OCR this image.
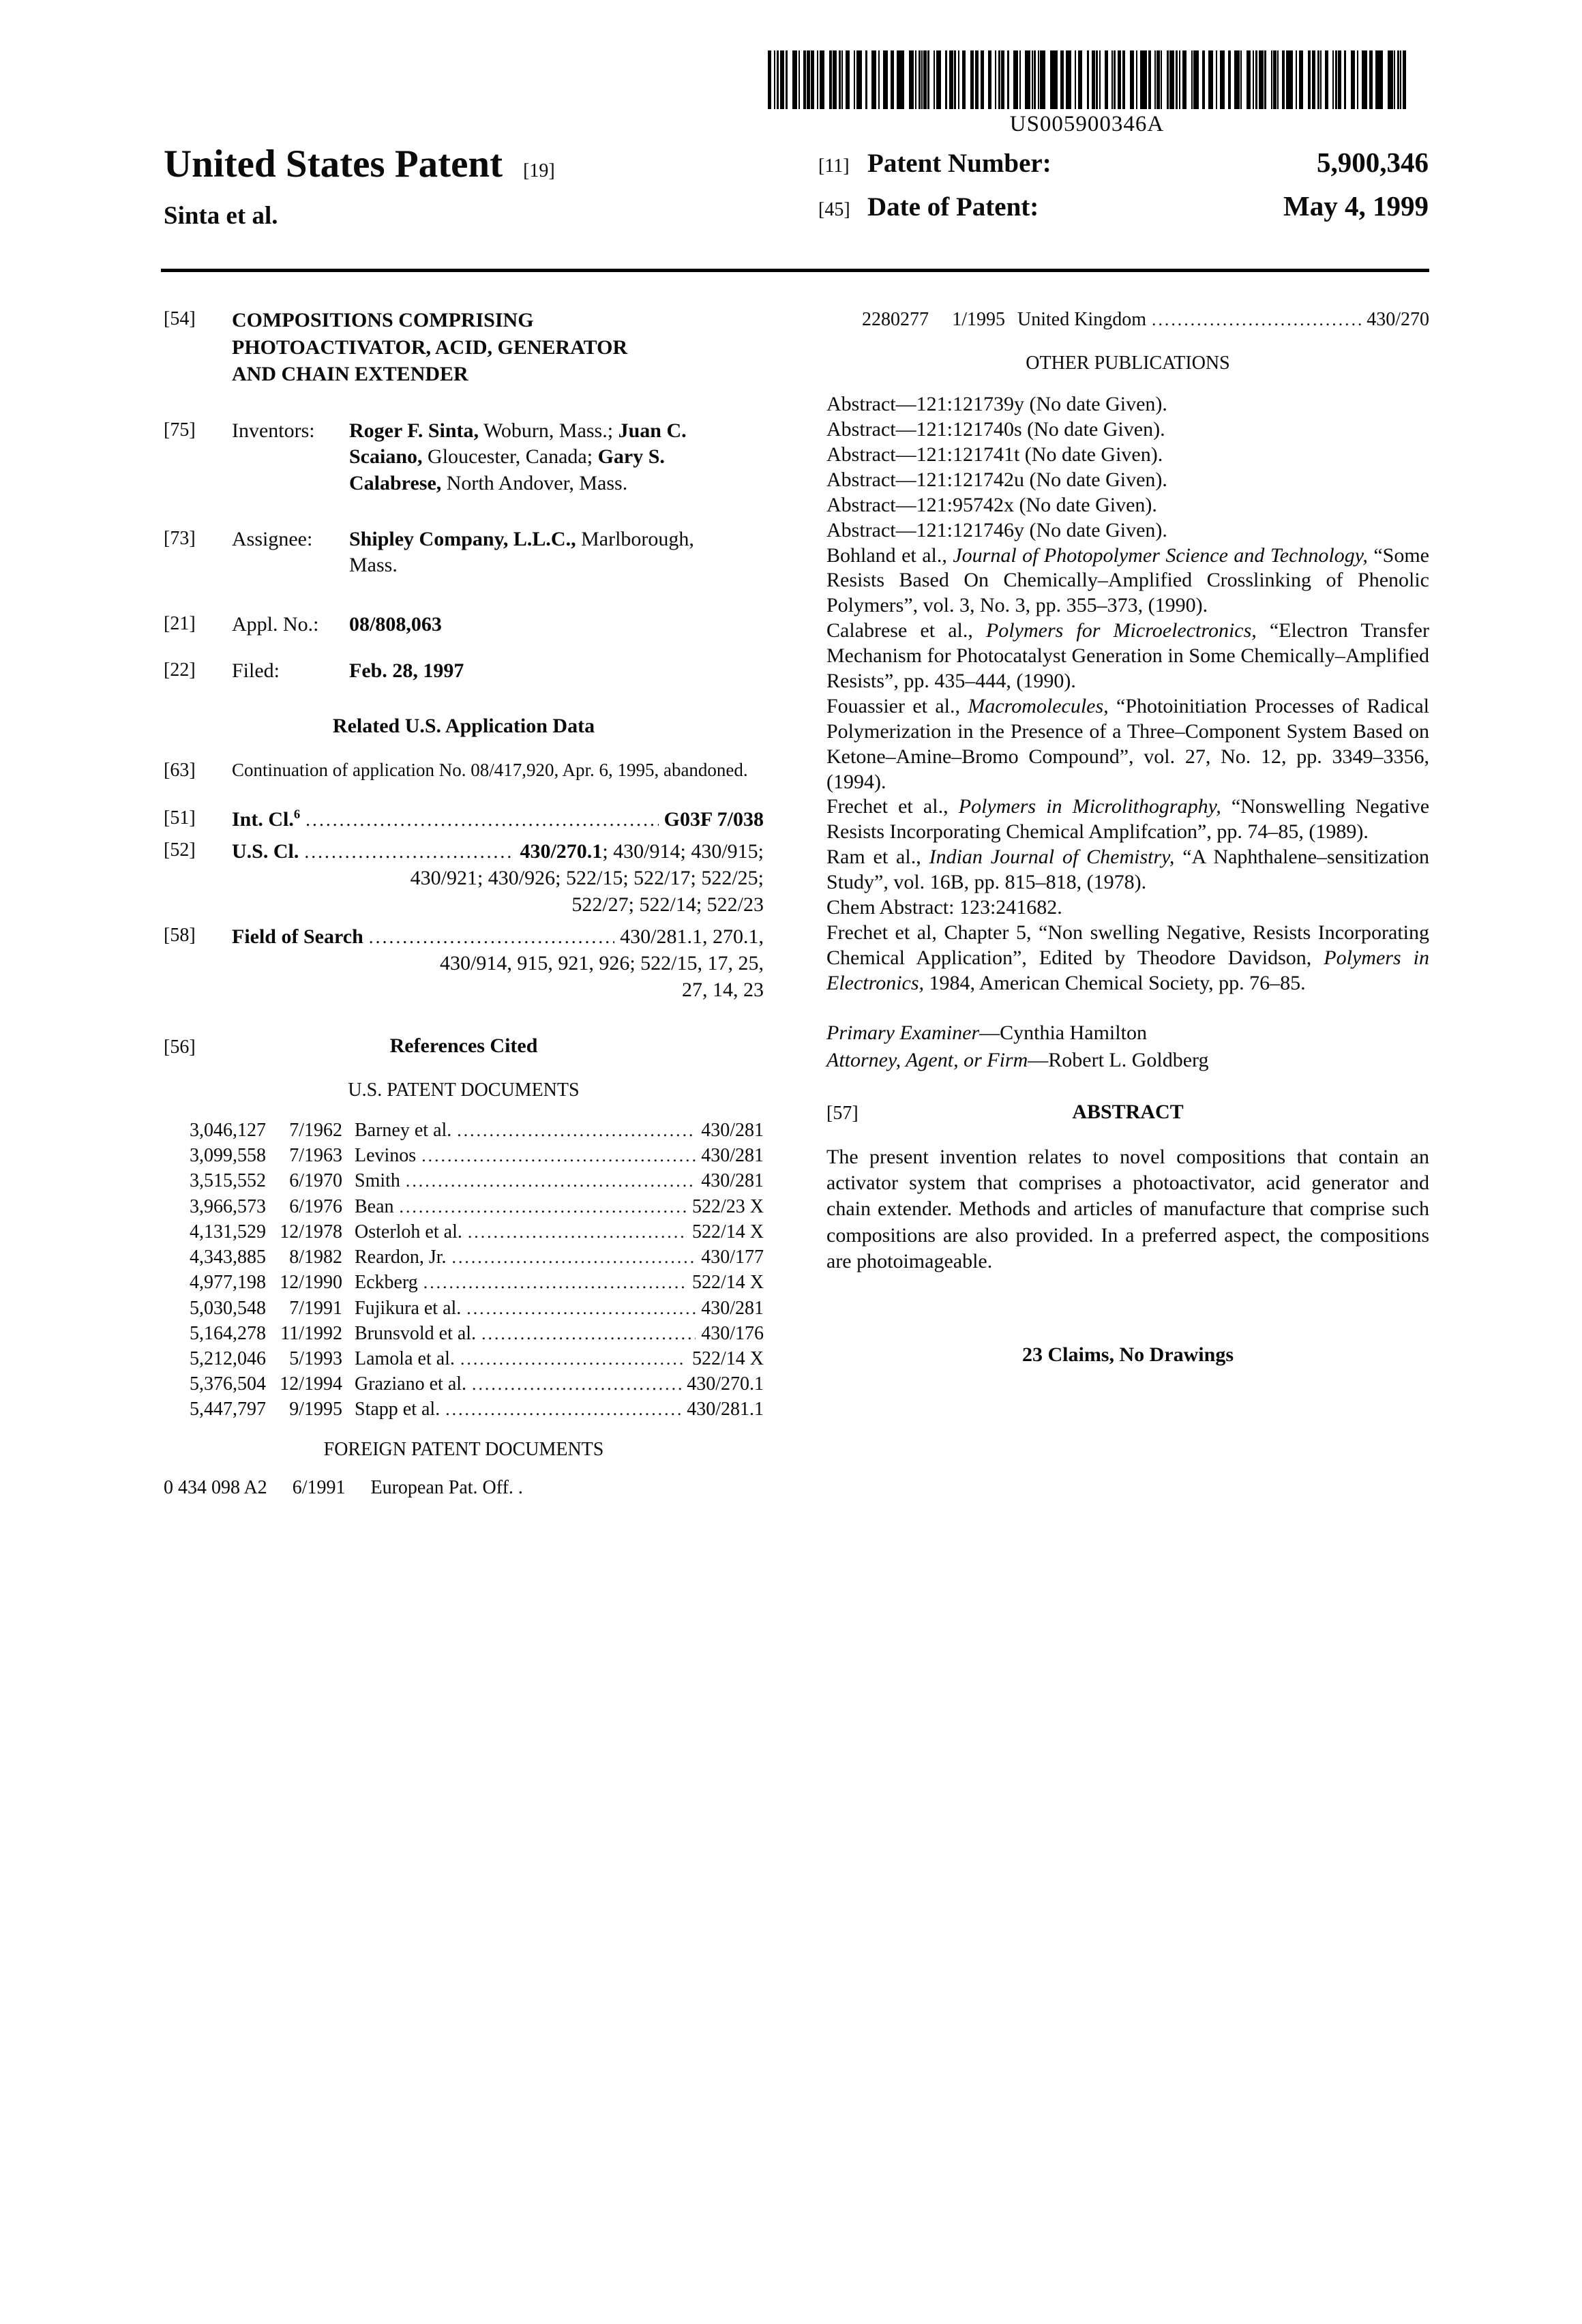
US005900346A
United States Patent [19]
Sinta et al.
[11] Patent Number:	5,900,346
[45] Date of Patent:	May 4, 1999
[54]	COMPOSITIONS COMPRISING PHOTOACTIVATOR, ACID, GENERATOR AND CHAIN EXTENDER
[75]	Inventors:	Roger F. Sinta, Woburn, Mass.; Juan C. Scaiano, Gloucester, Canada; Gary S. Calabrese, North Andover, Mass.
[73]	Assignee:	Shipley Company, L.L.C., Marlborough, Mass.
[21]	Appl. No.:	08/808,063
[22]	Filed:	Feb. 28, 1997
Related U.S. Application Data
[63]	Continuation of application No. 08/417,920, Apr. 6, 1995, abandoned.
[51]	Int. Cl.$^6$ .....	G03F 7/038
[52]	U.S. Cl. .....	430/270.1; 430/914; 430/915;
430/921; 430/926; 522/15; 522/17; 522/25;
522/27; 522/14; 522/23
[58]	Field of Search .....	430/281.1, 270.1,
430/914, 915, 921, 926; 522/15, 17, 25,
27, 14, 23
[56]	References Cited
U.S. PATENT DOCUMENTS
3,046,127	7/1962 Barney et al. .....	430/281
3,099,558	7/1963 Levinos .....	430/281
3,515,552	6/1970 Smith .....	430/281
3,966,573	6/1976 Bean .....	522/23 X
4,131,529 12/1978 Osterloh et al. .....	522/14 X
4,343,885	8/1982 Reardon, Jr. .....	430/177
4,977,198 12/1990 Eckberg .....	522/14 X
5,030,548	7/1991 Fujikura et al. .....	430/281
5,164,278 11/1992 Brunsvold et al. .....	430/176
5,212,046	5/1993 Lamola et al. .....	522/14 X
5,376,504 12/1994 Graziano et al. .....	430/270.1
5,447,797	9/1995 Stapp et al. .....	430/281.1
FOREIGN PATENT DOCUMENTS
0 434 098 A2 6/1991 European Pat. Off. .
2280277	1/1995 United Kingdom .....	430/270
OTHER PUBLICATIONS

Abstract—121:121739y (No date Given).

Abstract—121:121740s (No date Given).

Abstract—121:121741t (No date Given).

Abstract—121:121742u (No date Given).

Abstract—121:95742x (No date Given).

Abstract—121:121746y (No date Given).

Bohland et al., Journal of Photopolymer Science and Technology, “Some Resists Based On Chemically–Amplified Crosslinking of Phenolic Polymers”, vol. 3, No. 3, pp. 355–373, (1990).

Calabrese et al., Polymers for Microelectronics, “Electron Transfer Mechanism for Photocatalyst Generation in Some Chemically–Amplified Resists”, pp. 435–444, (1990).

Fouassier et al., Macromolecules, “Photoinitiation Processes of Radical Polymerization in the Presence of a Three–Component System Based on Ketone–Amine–Bromo Compound”, vol. 27, No. 12, pp. 3349–3356, (1994).

Frechet et al., Polymers in Microlithography, “Nonswelling Negative Resists Incorporating Chemical Amplifcation”, pp. 74–85, (1989).

Ram et al., Indian Journal of Chemistry, “A Naphthalene–sensitization Study”, vol. 16B, pp. 815–818, (1978).

Chem Abstract: 123:241682.

Frechet et al, Chapter 5, “Non swelling Negative, Resists Incorporating Chemical Application”, Edited by Theodore Davidson, Polymers in Electronics, 1984, American Chemical Society, pp. 76–85.

Primary Examiner—Cynthia Hamilton

Attorney, Agent, or Firm—Robert L. Goldberg

[57]	ABSTRACT

The present invention relates to novel compositions that contain an activator system that comprises a photoactivator, acid generator and chain extender. Methods and articles of manufacture that comprise such compositions are also provided. In a preferred aspect, the compositions are photoimageable.

23 Claims, No Drawings
